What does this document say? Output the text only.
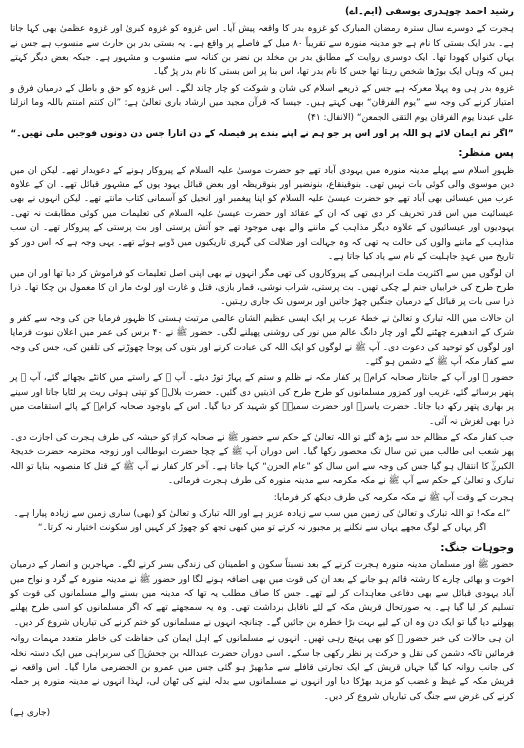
رشید احمد چوہدری یوسفی (ایم۔اے)

ہجرت کے دوسرے سال سترہ رمضان المبارک کو غزوہ بدر کا واقعہ پیش آیا۔ اس غزوہ کو غزوہ کبریٰ اور غزوہ عظمیٰ بھی کہا جاتا ہے۔ بدر ایک بستی کا نام ہے جو مدینہ منورہ سے تقریباً ۸۰ میل کے فاصلے پر واقع ہے۔ یہ بستی بدر بن حارث سے منسوب ہے جس نے یہاں کنواں کھودا تھا۔ ایک دوسری روایت کے مطابق بدر بن مخلد بن نضر بن کنانہ سے منسوب و مشہور ہے۔ جبکہ بعض دیگر کہتے ہیں کہ وہاں ایک بوڑھا شخص رہتا تھا جس کا نام بدر تھا، اس بنا پر اس بستی کا نام بدر پڑ گیا۔

غزوہ بدر ہی وہ پہلا معرکہ ہے جس کے ذریعے اسلام کی شان و شوکت کو چار چاند لگے۔ اس غزوہ کو حق و باطل کے درمیان فرق و امتیاز کرنے کی وجہ سے ”یوم الفرقان“ بھی کہتے ہیں۔ جیسا کہ قرآن مجید میں ارشاد باری تعالیٰ ہے: ”ان کنتم امنتم باللہ وما انزلنا علی عبدنا یوم الفرقان یوم التقی الجمعن“ (الانفال: ۴۱)

”اگر تم ایمان لائے ہو اللہ پر اور اس پر جو ہم نے اپنے بندے پر فیصلہ کے دن اتارا جس دن دونوں فوجیں ملی تھیں۔“

پس منظر:

ظہورِ اسلام سے پہلے مدینہ منورہ میں یہودی آباد تھے جو حضرت موسیٰ علیہ السلام کے پیروکار ہونے کے دعویدار تھے۔ لیکن ان میں دین موسوی والی کوئی بات نہیں تھی۔ بنوقینقاع، بنونضیر اور بنوقریظہ اور بعض قبائل یہود یوں کے مشہور قبائل تھے۔ ان کے علاوہ عرب میں عیسائی بھی آباد تھے جو حضرت عیسیٰ علیہ السلام کو اپنا پیغمبر اور انجیل کو آسمانی کتاب مانتے تھے۔ لیکن انہوں نے بھی عیسائیت میں اس قدر تحریف کر دی تھی کہ ان کے عقائد اور حضرت عیسیٰ علیہ السلام کی تعلیمات میں کوئی مطابقت نہ تھی۔ یہودیوں اور عیسائیوں کے علاوہ دیگر مذاہب کے ماننے والے بھی موجود تھے جو آتش پرستی اور بت پرستی کے پیروکار تھے۔ ان سب مذاہب کے ماننے والوں کی حالت یہ تھی کہ وہ جہالت اور ضلالت کی گہری تاریکیوں میں ڈوبے ہوئے تھے۔ یہی وجہ ہے کہ اس دور کو تاریخ میں عہدِ جاہلیت کے نام سے یاد کیا جاتا ہے۔

ان لوگوں میں سے اکثریت ملت ابراہیمی کے پیروکاروں کی تھی مگر انہوں نے بھی اپنی اصل تعلیمات کو فراموش کر دیا تھا اور ان میں طرح طرح کی خرابیاں جنم لے چکی تھیں۔ بت پرستی، شراب نوشی، قمار بازی، قتل و غارت اور لوٹ مار ان کا معمول بن چکا تھا۔ ذرا ذرا سی بات پر قبائل کے درمیان جنگیں چھڑ جاتیں اور برسوں تک جاری رہتیں۔

ان حالات میں اللہ تبارک و تعالیٰ نے خطۂ عرب پر ایک ایسی عظیم الشان عالمی مرتبت ہستی کا ظہور فرمایا جن کی وجہ سے کفر و شرک کے اندھیرے چھٹنے لگے اور چار دانگ عالم میں نور کی روشنی پھیلنے لگی۔ حضور ﷺ نے ۴۰ برس کی عمر میں اعلان نبوت فرمایا اور لوگوں کو توحید کی دعوت دی۔ آپ ﷺ نے لوگوں کو ایک اللہ کی عبادت کرنے اور بتوں کی پوجا چھوڑنے کی تلقین کی، جس کی وجہ سے کفار مکہ آپ ﷺ کے دشمن ہو گئے۔

حضور ﷺ اور آپ کے جانثار صحابہ کرامؓ پر کفار مکہ نے ظلم و ستم کے پہاڑ توڑ دیئے۔ آپ ﷺ کے راستے میں کانٹے بچھائے گئے، آپ ﷺ پر پتھر برسائے گئے، غریب اور کمزور مسلمانوں کو طرح طرح کی اذیتیں دی گئیں۔ حضرت بلالؓ کو تپتی ہوئی ریت پر لٹایا جاتا اور سینے پر بھاری پتھر رکھ دیا جاتا۔ حضرت یاسرؓ اور حضرت سمیہؓ کو شہید کر دیا گیا۔ اس کے باوجود صحابہ کرامؓ کے پائے استقامت میں ذرا بھی لغزش نہ آئی۔

جب کفار مکہ کے مظالم حد سے بڑھ گئے تو اللہ تعالیٰ کے حکم سے حضور ﷺ نے صحابہ کرامؓ کو حبشہ کی طرف ہجرت کی اجازت دی۔ پھر شعب ابی طالب میں تین سال تک محصور رکھا گیا۔ اس دوران آپ ﷺ کے چچا حضرت ابوطالب اور زوجہ محترمہ حضرت خدیجۃ الکبریٰؓ کا انتقال ہو گیا جس کی وجہ سے اس سال کو ”عام الحزن“ کہا جاتا ہے۔ آخر کار کفار نے آپ ﷺ کے قتل کا منصوبہ بنایا تو اللہ تبارک و تعالیٰ کے حکم سے آپ ﷺ نے مکہ مکرمہ سے مدینہ منورہ کی طرف ہجرت فرمائی۔

ہجرت کے وقت آپ ﷺ نے مکہ مکرمہ کی طرف دیکھ کر فرمایا:

”اے مکہ! تو اللہ تبارک و تعالیٰ کی زمین میں سب سے زیادہ عزیز ہے اور اللہ تبارک و تعالیٰ کو (بھی) ساری زمین سے زیادہ پیارا ہے۔ اگر یہاں کے لوگ مجھے یہاں سے نکلنے پر مجبور نہ کرتے تو میں کبھی تجھ کو چھوڑ کر کہیں اور سکونت اختیار نہ کرتا۔“

وجوہات جنگ:

حضور ﷺ اور مسلمان مدینہ منورہ ہجرت کرنے کے بعد نسبتاً سکون و اطمینان کی زندگی بسر کرنے لگے۔ مہاجرین و انصار کے درمیان اخوت و بھائی چارے کا رشتہ قائم ہو جانے کے بعد ان کی قوت میں بھی اضافہ ہونے لگا اور حضور ﷺ نے مدینہ منورہ کے گرد و نواح میں آباد یہودی قبائل سے بھی دفاعی معاہدات کر لیے تھے۔ جس کا صاف مطلب یہ تھا کہ مدینہ میں بسنے والے مسلمانوں کی قوت کو تسلیم کر لیا گیا ہے۔ یہ صورتحال قریش مکہ کے لئے ناقابل برداشت تھی۔ وہ یہ سمجھتے تھے کہ اگر مسلمانوں کو اسی طرح پھلنے پھولنے دیا گیا تو ایک دن وہ ان کے لیے بہت بڑا خطرہ بن جائیں گے۔ چنانچہ انہوں نے مسلمانوں کو ختم کرنے کی تیاریاں شروع کر دیں۔

ان ہی حالات کی خبر حضور ﷺ کو بھی پہنچ رہی تھیں۔ انہوں نے مسلمانوں کے اہل ایمان کی حفاظت کی خاطر متعدد مہمات روانہ فرمائیں تاکہ دشمن کی نقل و حرکت پر نظر رکھی جا سکے۔ اسی دوران حضرت عبداللہ بن جحشؓ کی سربراہی میں ایک دستہ نخلہ کی جانب روانہ کیا گیا جہاں قریش کے ایک تجارتی قافلے سے مڈبھیڑ ہو گئی جس میں عمرو بن الحضرمی مارا گیا۔ اس واقعہ نے قریش مکہ کے غیظ و غضب کو مزید بھڑکا دیا اور انہوں نے مسلمانوں سے بدلہ لینے کی ٹھان لی، لہذا انہوں نے مدینہ منورہ پر حملہ کرنے کی غرض سے جنگ کی تیاریاں شروع کر دیں۔

(جاری ہے)
